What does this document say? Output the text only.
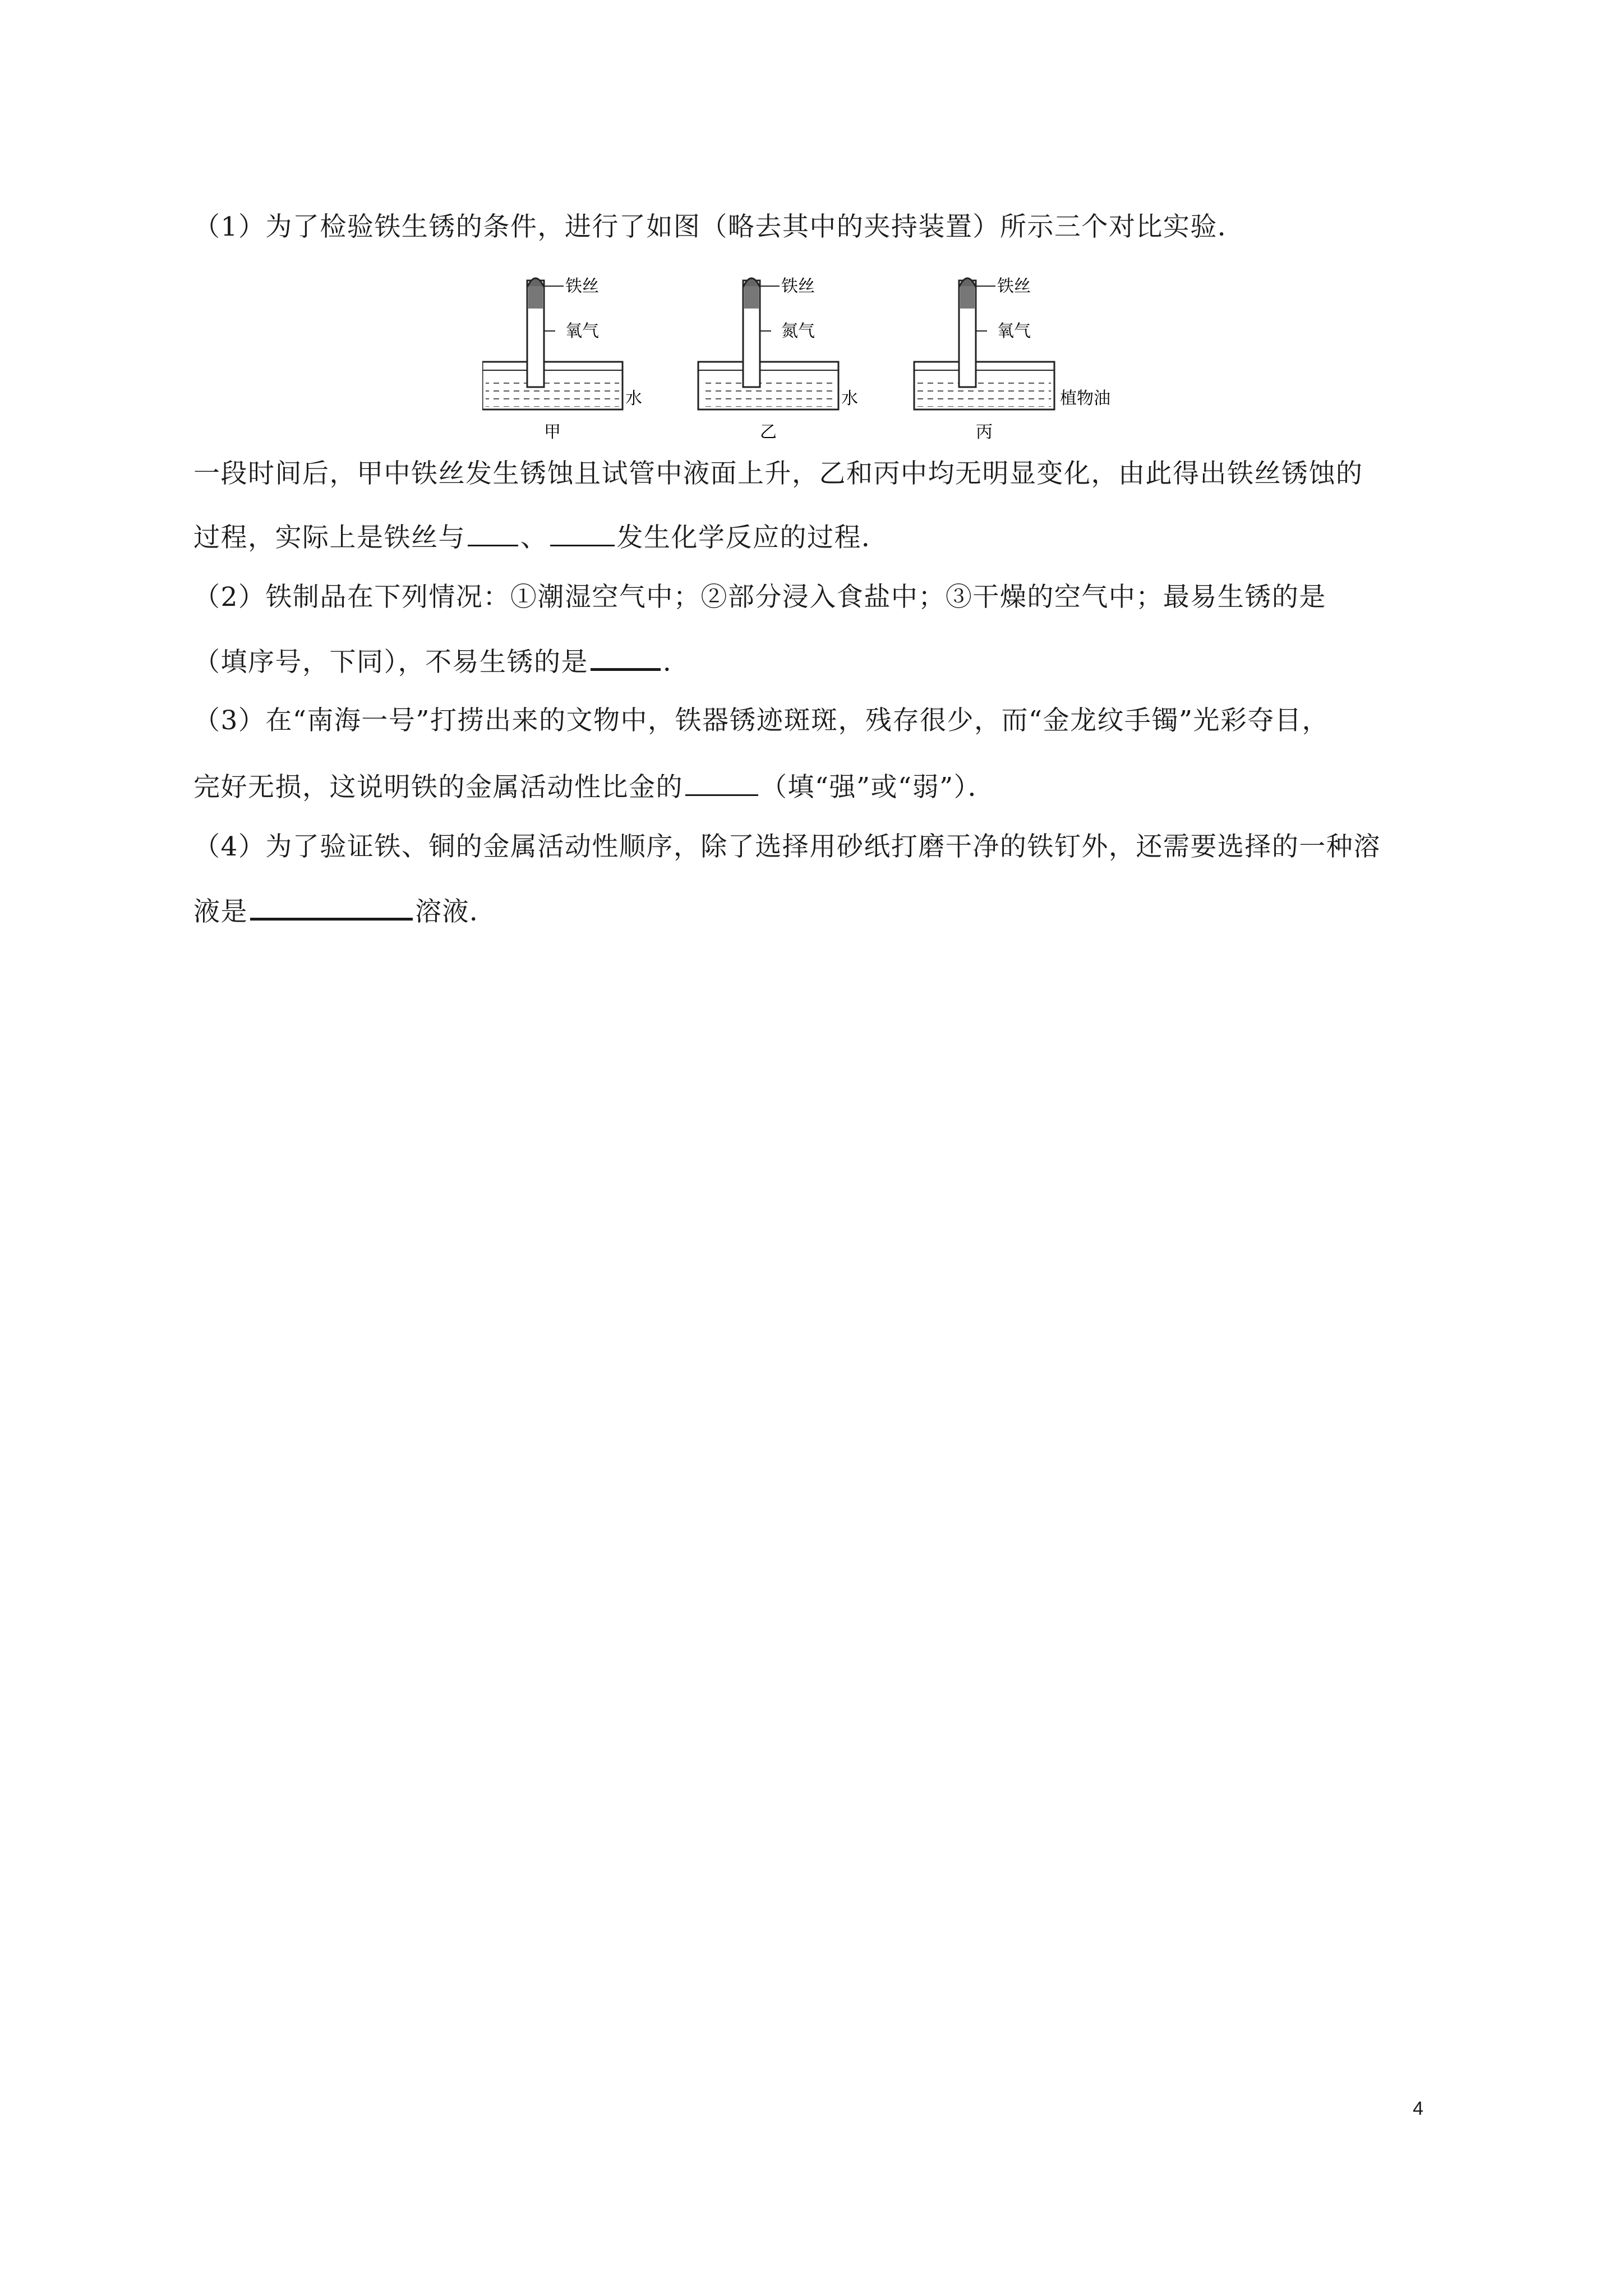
（1）为了检验铁生锈的条件，进行了如图（略去其中的夹持装置）所示三个对比实验．
铁丝
氧气
水
甲
铁丝
氮气
水
乙
铁丝
氧气
植物油
丙
一段时间后，甲中铁丝发生锈蚀且试管中液面上升，乙和丙中均无明显变化，由此得出铁丝锈蚀的
过程，实际上是铁丝与 、	发生化学反应的过程．
（2）铁制品在下列情况：①潮湿空气中；②部分浸入食盐中；③干燥的空气中；最易生锈的是
（填序号，下同），不易生锈的是	．
（3）在“南海一号”打捞出来的文物中，铁器锈迹斑斑，残存很少，而“金龙纹手镯”光彩夺目，
完好无损，这说明铁的金属活动性比金的	（填“强”或“弱”）．
（4）为了验证铁、铜的金属活动性顺序，除了选择用砂纸打磨干净的铁钉外，还需要选择的一种溶
液是	溶液．
4
